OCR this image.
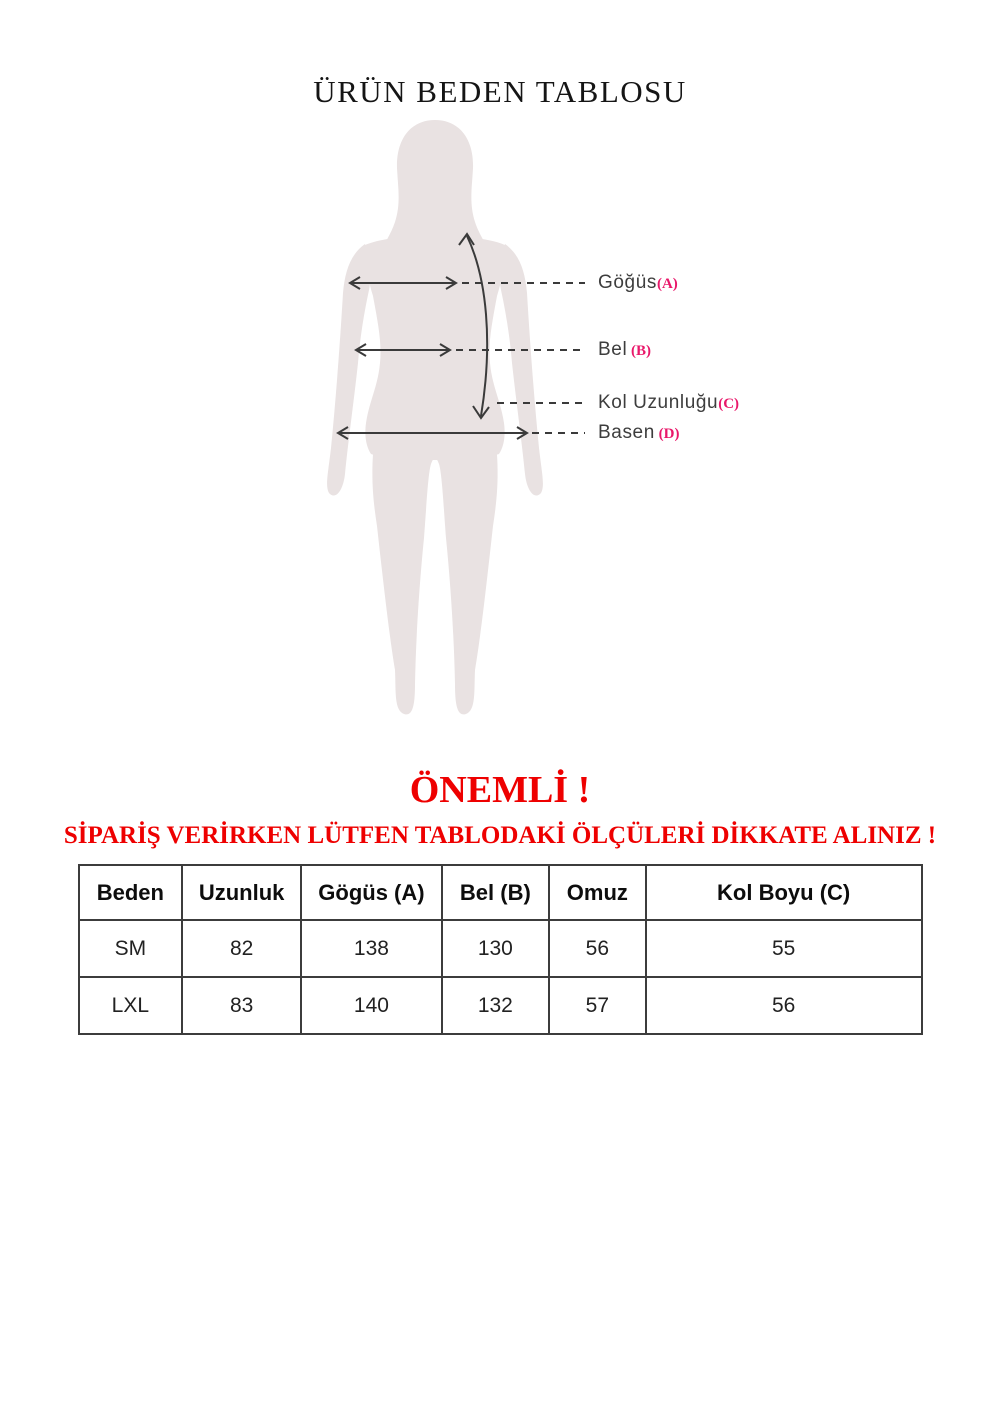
ÜRÜN BEDEN TABLOSU
Göğüs(A)
Bel (B)
Kol Uzunluğu(C)
Basen (D)
ÖNEMLİ !
SİPARİŞ VERİRKEN LÜTFEN TABLODAKİ ÖLÇÜLERİ DİKKATE ALINIZ !
Beden	Uzunluk	Gögüs (A)	Bel (B)	Omuz	Kol Boyu (C)
SM	82	138	130	56	55
LXL	83	140	132	57	56
